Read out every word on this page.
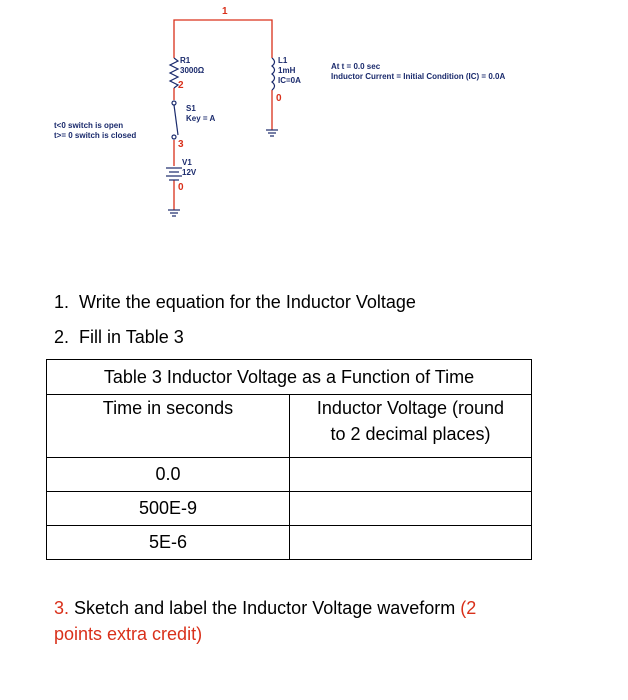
1
2
3
0
0
R1
3000Ω
L1
1mH
IC=0A
S1
Key = A
V1
12V
t<0 switch is open
t>= 0 switch is closed
At t = 0.0 sec
Inductor Current = Initial Condition (IC) = 0.0A
1. Write the equation for the Inductor Voltage
2. Fill in Table 3
Table 3 Inductor Voltage as a Function of Time	
Time in seconds	Inductor Voltage (round
to 2 decimal places)

0.0	
500E-9	
5E-6	
3. Sketch and label the Inductor Voltage waveform (2
points extra credit)
